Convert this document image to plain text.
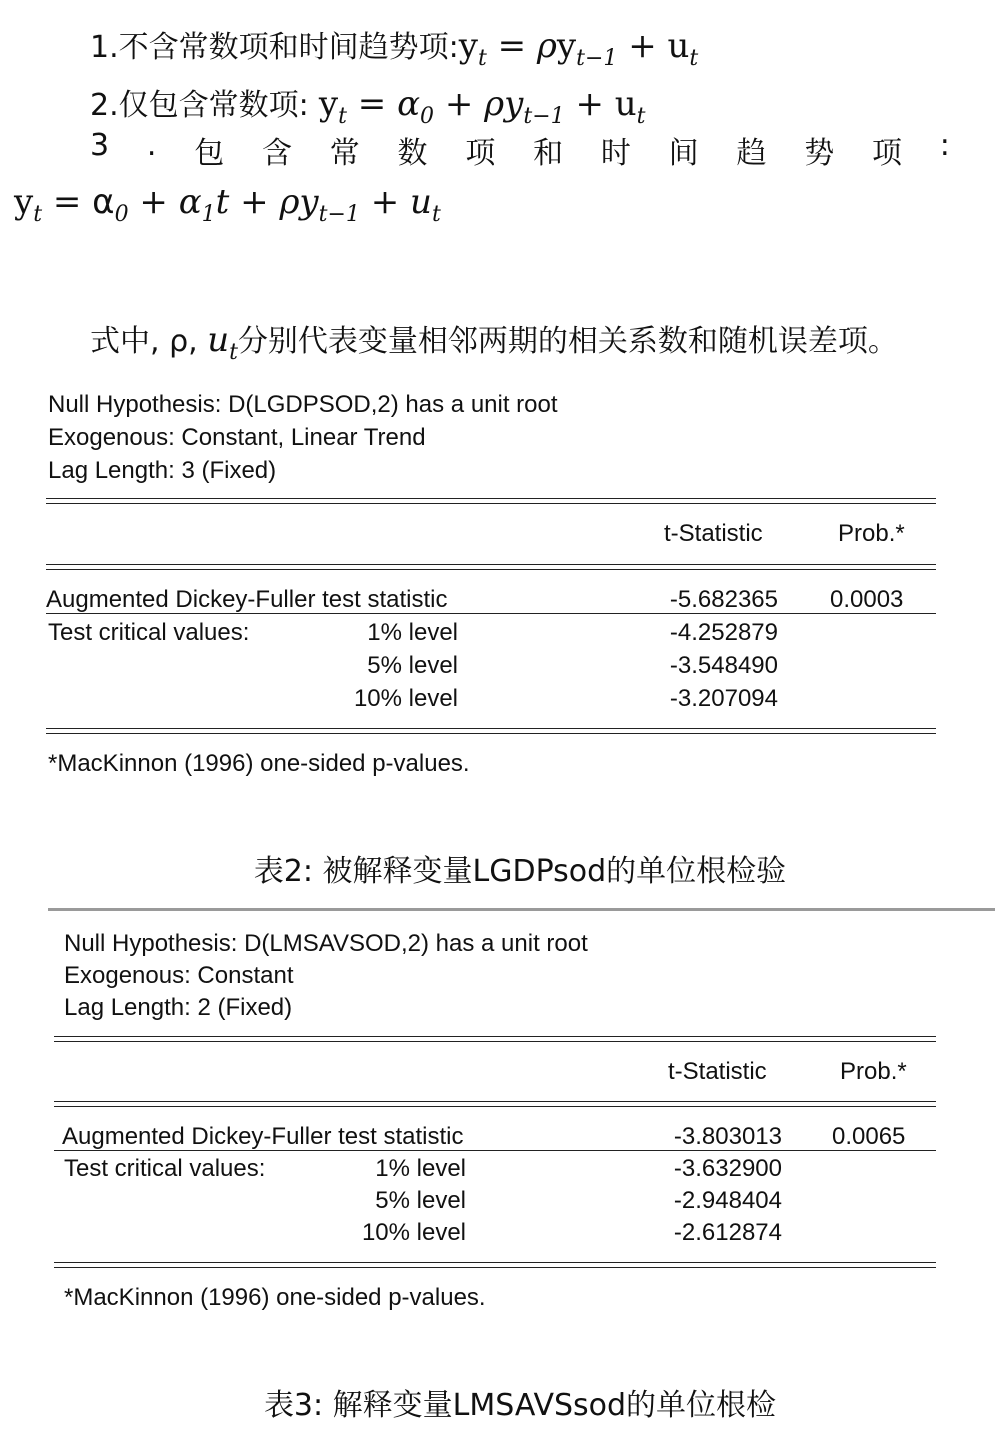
1.不含常数项和时间趋势项$:y_t = \rho y_{t-1} + u_t$
2.仅包含常数项: $y_t = \alpha_0 + \rho y_{t-1} + u_t$
3 . 包 含 常 数 项 和 时 间 趋 势 项 :
$y_t = \alpha_0 + \alpha_1t + \rho y_{t-1} + u_t$
式中, ρ, $u_t$分别代表变量相邻两期的相关系数和随机误差项。
Null Hypothesis: D(LGDPSOD,2) has a unit root
Exogenous: Constant, Linear Trend
Lag Length: 3 (Fixed)
t-Statistic	Prob.*
Augmented Dickey-Fuller test statistic	-5.682365 0.0003
Test critical values:	1% level	-4.252879
5% level	-3.548490
10% level	-3.207094
*MacKinnon (1996) one-sided p-values.
表2: 被解释变量LGDPsod的单位根检验
Null Hypothesis: D(LMSAVSOD,2) has a unit root
Exogenous: Constant
Lag Length: 2 (Fixed)
t-Statistic	Prob.*
Augmented Dickey-Fuller test statistic	-3.803013 0.0065
Test critical values:	1% level	-3.632900
5% level	-2.948404
10% level	-2.612874
*MacKinnon (1996) one-sided p-values.
表3: 解释变量LMSAVSsod的单位根检
